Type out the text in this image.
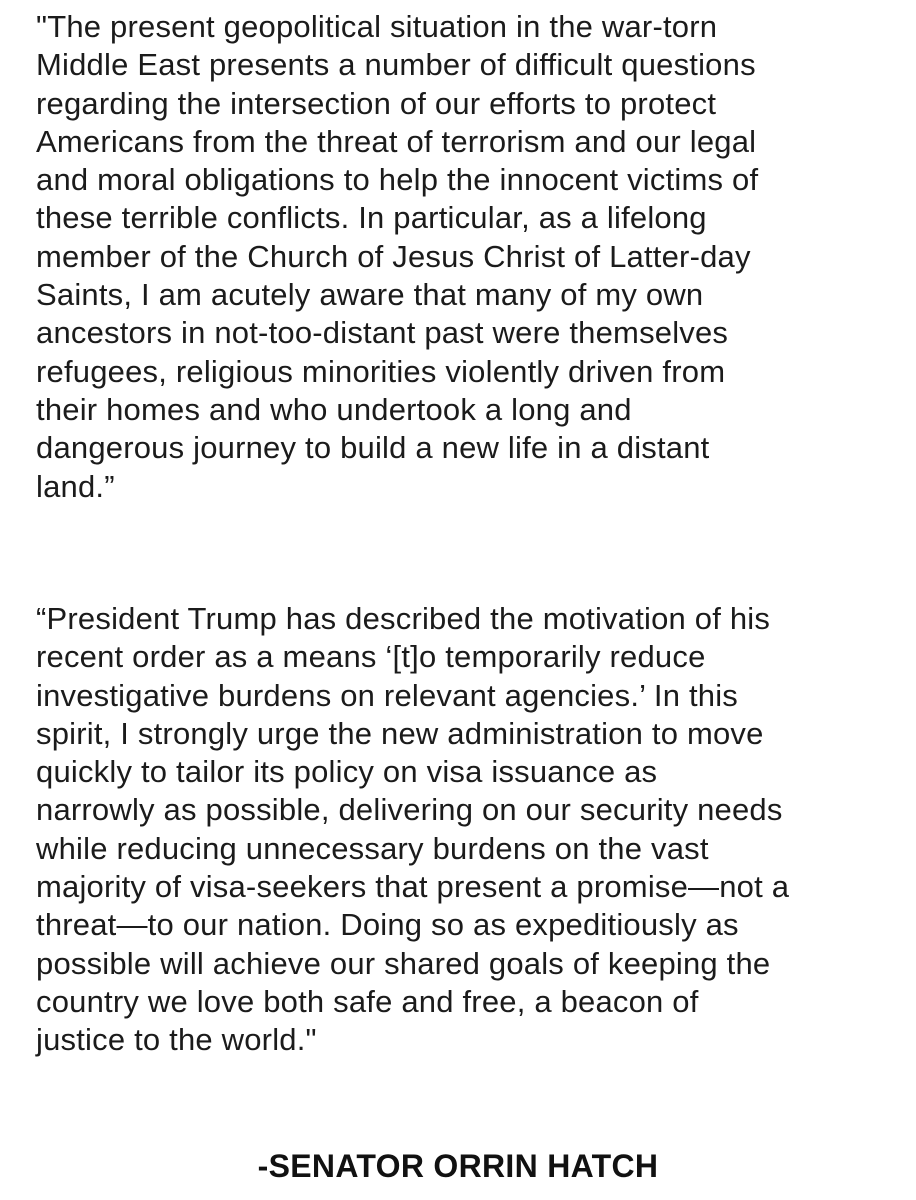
"The present geopolitical situation in the war-torn
Middle East presents a number of difficult questions
regarding the intersection of our efforts to protect
Americans from the threat of terrorism and our legal
and moral obligations to help the innocent victims of
these terrible conflicts. In particular, as a lifelong
member of the Church of Jesus Christ of Latter-day
Saints, I am acutely aware that many of my own
ancestors in not-too-distant past were themselves
refugees, religious minorities violently driven from
their homes and who undertook a long and
dangerous journey to build a new life in a distant
land.”
“President Trump has described the motivation of his
recent order as a means ‘[t]o temporarily reduce
investigative burdens on relevant agencies.’ In this
spirit, I strongly urge the new administration to move
quickly to tailor its policy on visa issuance as
narrowly as possible, delivering on our security needs
while reducing unnecessary burdens on the vast
majority of visa-seekers that present a promise—not a
threat—to our nation. Doing so as expeditiously as
possible will achieve our shared goals of keeping the
country we love both safe and free, a beacon of
justice to the world."
-SENATOR ORRIN HATCH
